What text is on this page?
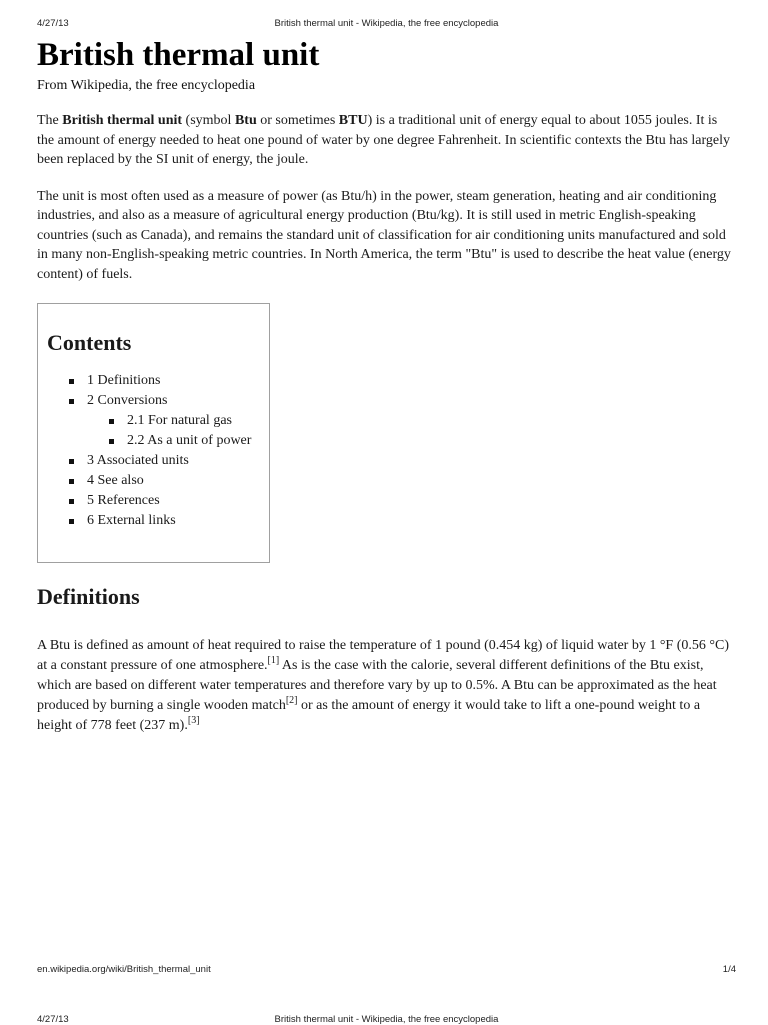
4/27/13	British thermal unit - Wikipedia, the free encyclopedia
British thermal unit
From Wikipedia, the free encyclopedia

The British thermal unit (symbol Btu or sometimes BTU) is a traditional unit of energy equal to about 1055 joules. It is the amount of energy needed to heat one pound of water by one degree Fahrenheit. In scientific contexts the Btu has largely been replaced by the SI unit of energy, the joule.

The unit is most often used as a measure of power (as Btu/h) in the power, steam generation, heating and air conditioning industries, and also as a measure of agricultural energy production (Btu/kg). It is still used in metric English-speaking countries (such as Canada), and remains the standard unit of classification for air conditioning units manufactured and sold in many non-English-speaking metric countries. In North America, the term "Btu" is used to describe the heat value (energy content) of fuels.

Contents
1 Definitions
2 Conversions
2.1 For natural gas
2.2 As a unit of power
3 Associated units
4 See also
5 References
6 External links
Definitions

A Btu is defined as amount of heat required to raise the temperature of 1 pound (0.454 kg) of liquid water by 1 °F (0.56 °C) at a constant pressure of one atmosphere.[1] As is the case with the calorie, several different definitions of the Btu exist, which are based on different water temperatures and therefore vary by up to 0.5%. A Btu can be approximated as the heat produced by burning a single wooden match[2] or as the amount of energy it would take to lift a one-pound weight to a height of 778 feet (237 m).[3]

en.wikipedia.org/wiki/British_thermal_unit	1/4
4/27/13	British thermal unit - Wikipedia, the free encyclopedia
